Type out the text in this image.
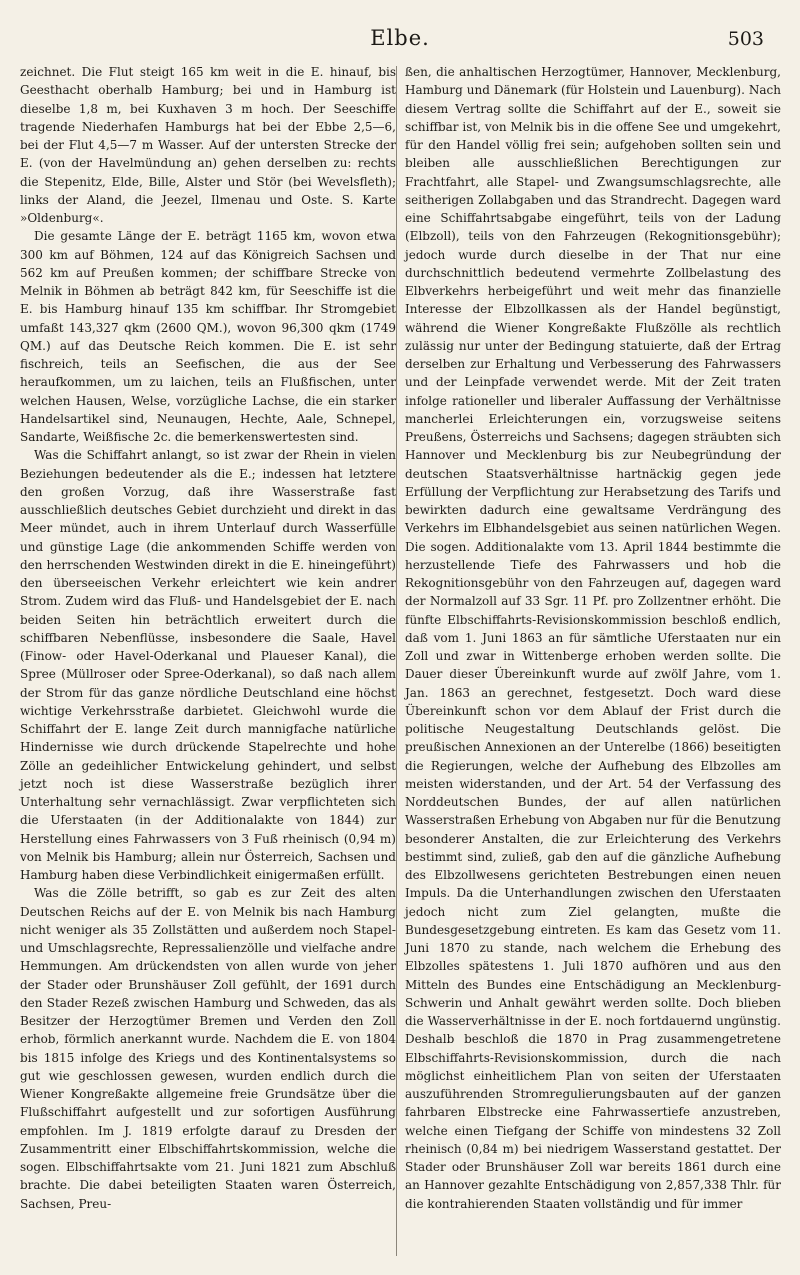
Elbe.	503

zeichnet. Die Flut steigt 165 km weit in die E. hinauf, bis Geesthacht oberhalb Hamburg; bei und in Hamburg ist dieselbe 1,8 m, bei Kuxhaven 3 m hoch. Der Seeschiffe tragende Niederhafen Hamburgs hat bei der Ebbe 2,5—6, bei der Flut 4,5—7 m Wasser. Auf der untersten Strecke der E. (von der Havelmündung an) gehen derselben zu: rechts die Stepenitz, Elde, Bille, Alster und Stör (bei Wevelsfleth); links der Aland, die Jeezel, Ilmenau und Oste. S. Karte »Oldenburg«.

Die gesamte Länge der E. beträgt 1165 km, wovon etwa 300 km auf Böhmen, 124 auf das Königreich Sachsen und 562 km auf Preußen kommen; der schiffbare Strecke von Melnik in Böhmen ab beträgt 842 km, für Seeschiffe ist die E. bis Hamburg hinauf 135 km schiffbar. Ihr Stromgebiet umfaßt 143,327 qkm (2600 QM.), wovon 96,300 qkm (1749 QM.) auf das Deutsche Reich kommen. Die E. ist sehr fischreich, teils an Seefischen, die aus der See heraufkommen, um zu laichen, teils an Flußfischen, unter welchen Hausen, Welse, vorzügliche Lachse, die ein starker Handelsartikel sind, Neunaugen, Hechte, Aale, Schnepel, Sandarte, Weißfische 2c. die bemerkenswertesten sind.

Was die Schiffahrt anlangt, so ist zwar der Rhein in vielen Beziehungen bedeutender als die E.; indessen hat letztere den großen Vorzug, daß ihre Wasserstraße fast ausschließlich deutsches Gebiet durchzieht und direkt in das Meer mündet, auch in ihrem Unterlauf durch Wasserfülle und günstige Lage (die ankommenden Schiffe werden von den herrschenden Westwinden direkt in die E. hineingeführt) den überseeischen Verkehr erleichtert wie kein andrer Strom. Zudem wird das Fluß- und Handelsgebiet der E. nach beiden Seiten hin beträchtlich erweitert durch die schiffbaren Nebenflüsse, insbesondere die Saale, Havel (Finow- oder Havel-Oderkanal und Plaueser Kanal), die Spree (Müllroser oder Spree-Oderkanal), so daß nach allem der Strom für das ganze nördliche Deutschland eine höchst wichtige Verkehrsstraße darbietet. Gleichwohl wurde die Schiffahrt der E. lange Zeit durch mannigfache natürliche Hindernisse wie durch drückende Stapelrechte und hohe Zölle an gedeihlicher Entwickelung gehindert, und selbst jetzt noch ist diese Wasserstraße bezüglich ihrer Unterhaltung sehr vernachlässigt. Zwar verpflichteten sich die Uferstaaten (in der Additionalakte von 1844) zur Herstellung eines Fahrwassers von 3 Fuß rheinisch (0,94 m) von Melnik bis Hamburg; allein nur Österreich, Sachsen und Hamburg haben diese Verbindlichkeit einigermaßen erfüllt.

Was die Zölle betrifft, so gab es zur Zeit des alten Deutschen Reichs auf der E. von Melnik bis nach Hamburg nicht weniger als 35 Zollstätten und außerdem noch Stapel- und Umschlagsrechte, Repressalienzölle und vielfache andre Hemmungen. Am drückendsten von allen wurde von jeher der Stader oder Brunshäuser Zoll gefühlt, der 1691 durch den Stader Rezeß zwischen Hamburg und Schweden, das als Besitzer der Herzogtümer Bremen und Verden den Zoll erhob, förmlich anerkannt wurde. Nachdem die E. von 1804 bis 1815 infolge des Kriegs und des Kontinentalsystems so gut wie geschlossen gewesen, wurden endlich durch die Wiener Kongreßakte allgemeine freie Grundsätze über die Flußschiffahrt aufgestellt und zur sofortigen Ausführung empfohlen. Im J. 1819 erfolgte darauf zu Dresden der Zusammentritt einer Elbschiffahrtskommission, welche die sogen. Elbschiffahrtsakte vom 21. Juni 1821 zum Abschluß brachte. Die dabei beteiligten Staaten waren Österreich, Sachsen, Preu-

ßen, die anhaltischen Herzogtümer, Hannover, Mecklenburg, Hamburg und Dänemark (für Holstein und Lauenburg). Nach diesem Vertrag sollte die Schiffahrt auf der E., soweit sie schiffbar ist, von Melnik bis in die offene See und umgekehrt, für den Handel völlig frei sein; aufgehoben sollten sein und bleiben alle ausschließlichen Berechtigungen zur Frachtfahrt, alle Stapel- und Zwangsumschlagsrechte, alle seitherigen Zollabgaben und das Strandrecht. Dagegen ward eine Schiffahrtsabgabe eingeführt, teils von der Ladung (Elbzoll), teils von den Fahrzeugen (Rekognitionsgebühr); jedoch wurde durch dieselbe in der That nur eine durchschnittlich bedeutend vermehrte Zollbelastung des Elbverkehrs herbeigeführt und weit mehr das finanzielle Interesse der Elbzollkassen als der Handel begünstigt, während die Wiener Kongreßakte Flußzölle als rechtlich zulässig nur unter der Bedingung statuierte, daß der Ertrag derselben zur Erhaltung und Verbesserung des Fahrwassers und der Leinpfade verwendet werde. Mit der Zeit traten infolge rationeller und liberaler Auffassung der Verhältnisse mancherlei Erleichterungen ein, vorzugsweise seitens Preußens, Österreichs und Sachsens; dagegen sträubten sich Hannover und Mecklenburg bis zur Neubegründung der deutschen Staatsverhältnisse hartnäckig gegen jede Erfüllung der Verpflichtung zur Herabsetzung des Tarifs und bewirkten dadurch eine gewaltsame Verdrängung des Verkehrs im Elbhandelsgebiet aus seinen natürlichen Wegen. Die sogen. Additionalakte vom 13. April 1844 bestimmte die herzustellende Tiefe des Fahrwassers und hob die Rekognitionsgebühr von den Fahrzeugen auf, dagegen ward der Normalzoll auf 33 Sgr. 11 Pf. pro Zollzentner erhöht. Die fünfte Elbschiffahrts-Revisionskommission beschloß endlich, daß vom 1. Juni 1863 an für sämtliche Uferstaaten nur ein Zoll und zwar in Wittenberge erhoben werden sollte. Die Dauer dieser Übereinkunft wurde auf zwölf Jahre, vom 1. Jan. 1863 an gerechnet, festgesetzt. Doch ward diese Übereinkunft schon vor dem Ablauf der Frist durch die politische Neugestaltung Deutschlands gelöst. Die preußischen Annexionen an der Unterelbe (1866) beseitigten die Regierungen, welche der Aufhebung des Elbzolles am meisten widerstanden, und der Art. 54 der Verfassung des Norddeutschen Bundes, der auf allen natürlichen Wasserstraßen Erhebung von Abgaben nur für die Benutzung besonderer Anstalten, die zur Erleichterung des Verkehrs bestimmt sind, zuließ, gab den auf die gänzliche Aufhebung des Elbzollwesens gerichteten Bestrebungen einen neuen Impuls. Da die Unterhandlungen zwischen den Uferstaaten jedoch nicht zum Ziel gelangten, mußte die Bundesgesetzgebung eintreten. Es kam das Gesetz vom 11. Juni 1870 zu stande, nach welchem die Erhebung des Elbzolles spätestens 1. Juli 1870 aufhören und aus den Mitteln des Bundes eine Entschädigung an Mecklenburg-Schwerin und Anhalt gewährt werden sollte. Doch blieben die Wasserverhältnisse in der E. noch fortdauernd ungünstig. Deshalb beschloß die 1870 in Prag zusammengetretene Elbschiffahrts-Revisionskommission, durch die nach möglichst einheitlichem Plan von seiten der Uferstaaten auszuführenden Stromregulierungsbauten auf der ganzen fahrbaren Elbstrecke eine Fahrwassertiefe anzustreben, welche einen Tiefgang der Schiffe von mindestens 32 Zoll rheinisch (0,84 m) bei niedrigem Wasserstand gestattet. Der Stader oder Brunshäuser Zoll war bereits 1861 durch eine an Hannover gezahlte Entschädigung von 2,857,338 Thlr. für die kontrahierenden Staaten vollständig und für immer
